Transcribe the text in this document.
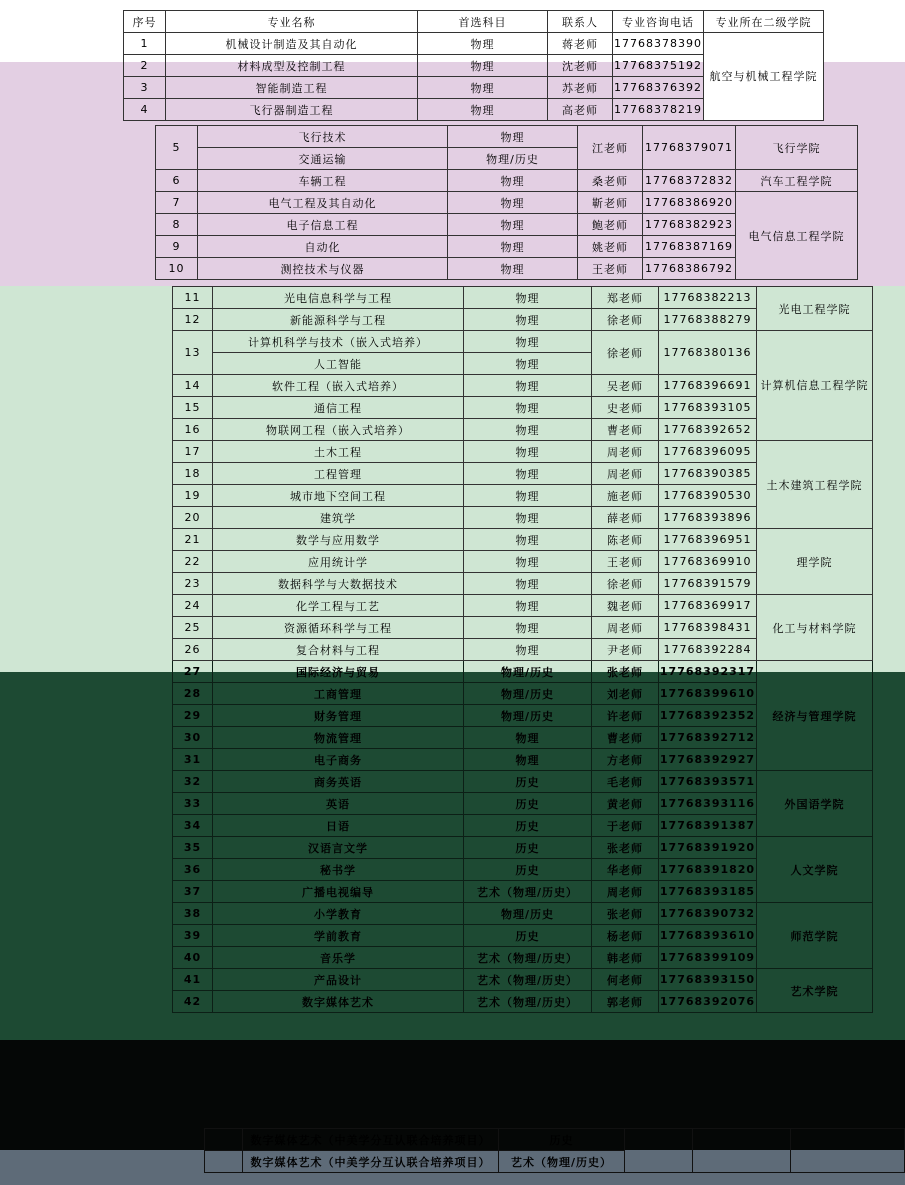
序号	专业名称	首选科目	联系人	专业咨询电话	专业所在二级学院
1	机械设计制造及其自动化	物理	蒋老师	17768378390	航空与机械工程学院
2	材料成型及控制工程	物理	沈老师	17768375192	
3	智能制造工程	物理	苏老师	17768376392	
4	飞行器制造工程	物理	高老师	17768378219	
5	飞行技术	物理	江老师	17768379071	飞行学院
	交通运输	物理/历史			
6	车辆工程	物理	桑老师	17768372832	汽车工程学院
7	电气工程及其自动化	物理	靳老师	17768386920	电气信息工程学院
8	电子信息工程	物理	鲍老师	17768382923	
9	自动化	物理	姚老师	17768387169	
10	测控技术与仪器	物理	王老师	17768386792	
11	光电信息科学与工程	物理	郑老师	17768382213	光电工程学院
12	新能源科学与工程	物理	徐老师	17768388279	
13	计算机科学与技术（嵌入式培养）	物理	徐老师	17768380136	计算机信息工程学院
	人工智能	物理			
14	软件工程（嵌入式培养）	物理	吴老师	17768396691	
15	通信工程	物理	史老师	17768393105	
16	物联网工程（嵌入式培养）	物理	曹老师	17768392652	
17	土木工程	物理	周老师	17768396095	土木建筑工程学院
18	工程管理	物理	周老师	17768390385	
19	城市地下空间工程	物理	施老师	17768390530	
20	建筑学	物理	薛老师	17768393896	
21	数学与应用数学	物理	陈老师	17768396951	理学院
22	应用统计学	物理	王老师	17768369910	
23	数据科学与大数据技术	物理	徐老师	17768391579	
24	化学工程与工艺	物理	魏老师	17768369917	化工与材料学院
25	资源循环科学与工程	物理	周老师	17768398431	
26	复合材料与工程	物理	尹老师	17768392284	
27	国际经济与贸易	物理/历史	张老师	17768392317	经济与管理学院
28	工商管理	物理/历史	刘老师	17768399610	
29	财务管理	物理/历史	许老师	17768392352	
30	物流管理	物理	曹老师	17768392712	
31	电子商务	物理	方老师	17768392927	
32	商务英语	历史	毛老师	17768393571	外国语学院
33	英语	历史	黄老师	17768393116	
34	日语	历史	于老师	17768391387	
35	汉语言文学	历史	张老师	17768391920	人文学院
36	秘书学	历史	华老师	17768391820	
37	广播电视编导	艺术（物理/历史）	周老师	17768393185	
38	小学教育	物理/历史	张老师	17768390732	师范学院
39	学前教育	历史	杨老师	17768393610	
40	音乐学	艺术（物理/历史）	韩老师	17768399109	
41	产品设计	艺术（物理/历史）	何老师	17768393150	艺术学院
42	数字媒体艺术	艺术（物理/历史）	郭老师	17768392076	
	数字媒体艺术（中美学分互认联合培养项目）	历史			
	数字媒体艺术（中美学分互认联合培养项目）	艺术（物理/历史）			
